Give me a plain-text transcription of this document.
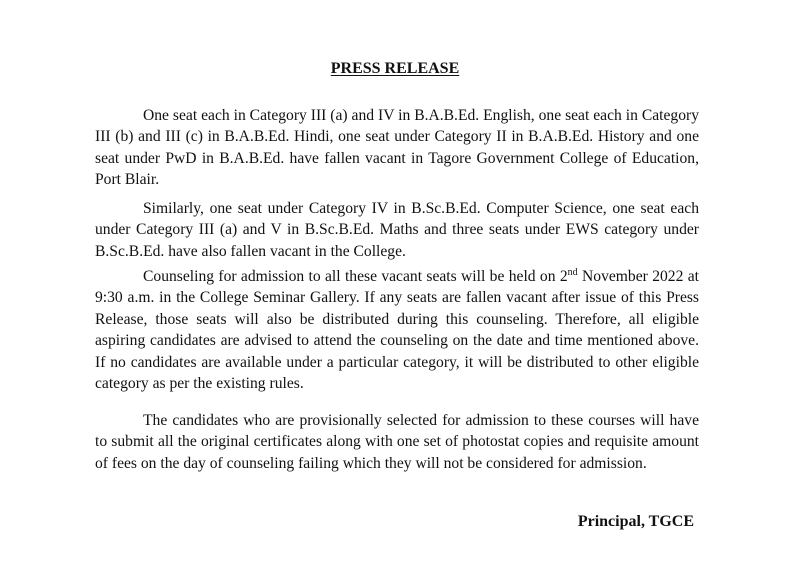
PRESS RELEASE

One seat each in Category III (a) and IV in B.A.B.Ed. English, one seat each in Category III (b) and III (c) in B.A.B.Ed. Hindi, one seat under Category II in B.A.B.Ed. History and one seat under PwD in B.A.B.Ed. have fallen vacant in Tagore Government College of Education, Port Blair.

Similarly, one seat under Category IV in B.Sc.B.Ed. Computer Science, one seat each under Category III (a) and V in B.Sc.B.Ed. Maths and three seats under EWS category under B.Sc.B.Ed. have also fallen vacant in the College.

Counseling for admission to all these vacant seats will be held on 2nd November 2022 at 9:30 a.m. in the College Seminar Gallery. If any seats are fallen vacant after issue of this Press Release, those seats will also be distributed during this counseling. Therefore, all eligible aspiring candidates are advised to attend the counseling on the date and time mentioned above. If no candidates are available under a particular category, it will be distributed to other eligible category as per the existing rules.

The candidates who are provisionally selected for admission to these courses will have to submit all the original certificates along with one set of photostat copies and requisite amount of fees on the day of counseling failing which they will not be considered for admission.

Principal, TGCE
